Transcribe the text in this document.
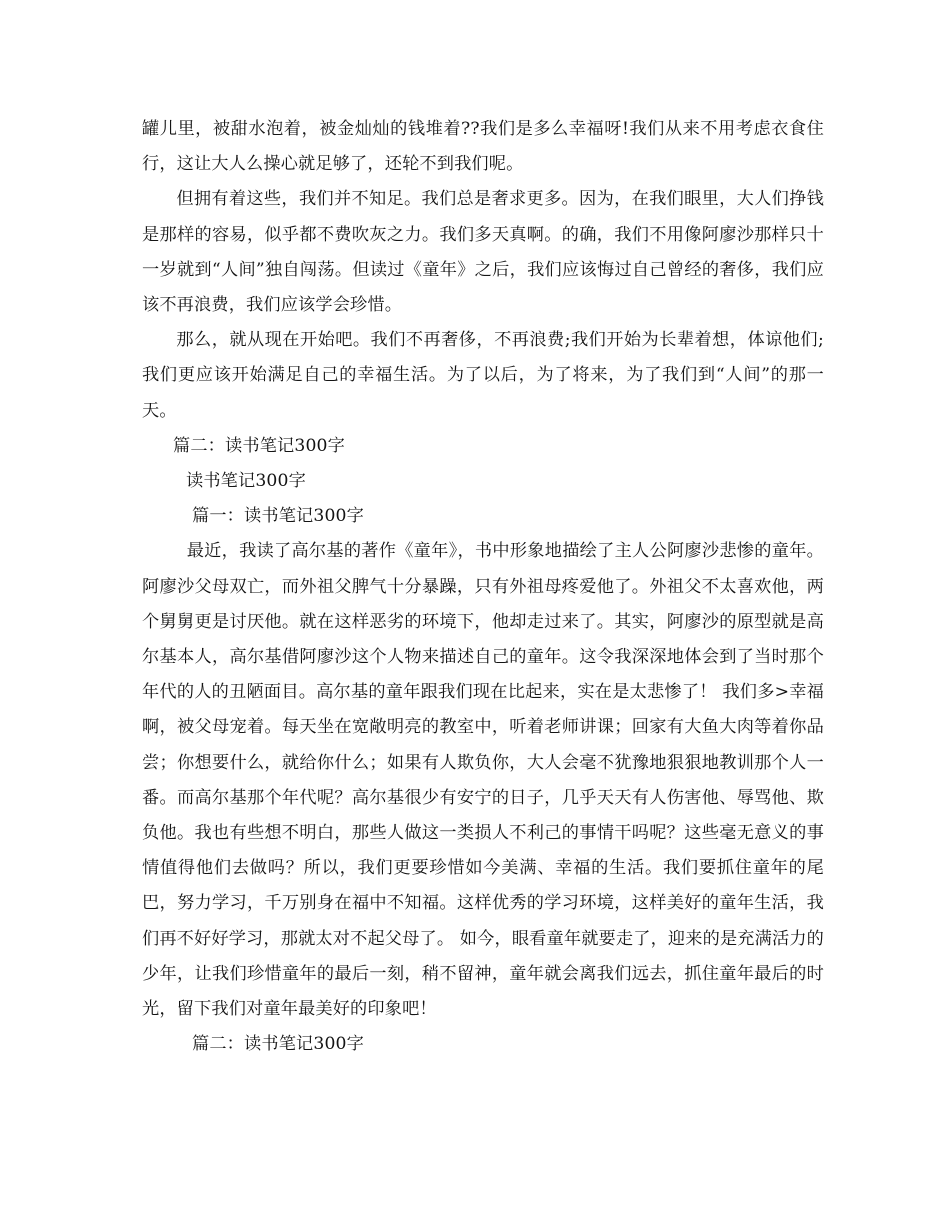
罐儿里，被甜水泡着，被金灿灿的钱堆着??我们是多么幸福呀!我们从来不用考虑衣食住行，这让大人么操心就足够了，还轮不到我们呢。

但拥有着这些，我们并不知足。我们总是奢求更多。因为，在我们眼里，大人们挣钱是那样的容易，似乎都不费吹灰之力。我们多天真啊。的确，我们不用像阿廖沙那样只十一岁就到“人间”独自闯荡。但读过《童年》之后，我们应该悔过自己曾经的奢侈，我们应该不再浪费，我们应该学会珍惜。

那么，就从现在开始吧。我们不再奢侈，不再浪费;我们开始为长辈着想，体谅他们;我们更应该开始满足自己的幸福生活。为了以后，为了将来，为了我们到“人间”的那一天。

篇二：读书笔记300字

读书笔记300字

篇一：读书笔记300字

最近，我读了高尔基的著作《童年》，书中形象地描绘了主人公阿廖沙悲惨的童年。阿廖沙父母双亡，而外祖父脾气十分暴躁，只有外祖母疼爱他了。外祖父不太喜欢他，两个舅舅更是讨厌他。就在这样恶劣的环境下，他却走过来了。其实，阿廖沙的原型就是高尔基本人，高尔基借阿廖沙这个人物来描述自己的童年。这令我深深地体会到了当时那个年代的人的丑陋面目。高尔基的童年跟我们现在比起来，实在是太悲惨了！ 我们多>幸福啊，被父母宠着。每天坐在宽敞明亮的教室中，听着老师讲课；回家有大鱼大肉等着你品尝；你想要什么，就给你什么；如果有人欺负你，大人会毫不犹豫地狠狠地教训那个人一番。而高尔基那个年代呢？高尔基很少有安宁的日子，几乎天天有人伤害他、辱骂他、欺负他。我也有些想不明白，那些人做这一类损人不利己的事情干吗呢？这些毫无意义的事情值得他们去做吗？所以，我们更要珍惜如今美满、幸福的生活。我们要抓住童年的尾巴，努力学习，千万别身在福中不知福。这样优秀的学习环境，这样美好的童年生活，我们再不好好学习，那就太对不起父母了。 如今，眼看童年就要走了，迎来的是充满活力的少年，让我们珍惜童年的最后一刻，稍不留神，童年就会离我们远去，抓住童年最后的时光，留下我们对童年最美好的印象吧！

篇二：读书笔记300字
